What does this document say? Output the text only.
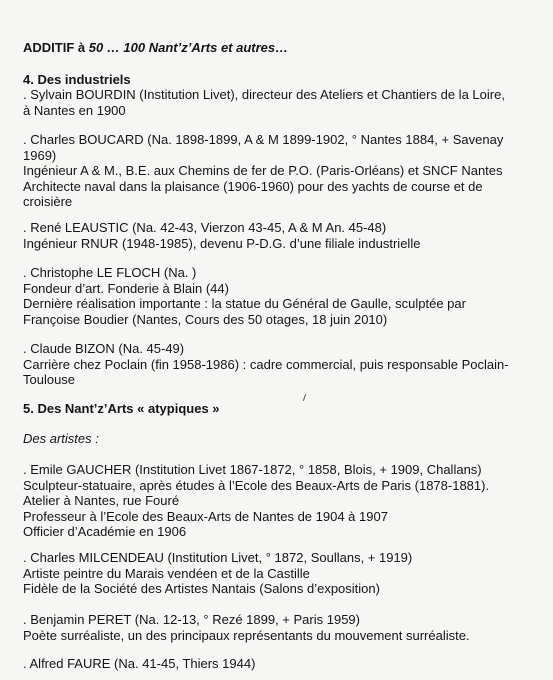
ADDITIF à 50 … 100 Nant’z’Arts et autres…
4. Des industriels
. Sylvain BOURDIN (Institution Livet), directeur des Ateliers et Chantiers de la Loire,
à Nantes en 1900
. Charles BOUCARD (Na. 1898-1899, A & M 1899-1902, ° Nantes 1884, + Savenay
1969)
Ingénieur A & M., B.E. aux Chemins de fer de P.O. (Paris-Orléans) et SNCF Nantes
Architecte naval dans la plaisance (1906-1960) pour des yachts de course et de
croisière
. René LEAUSTIC (Na. 42-43, Vierzon 43-45, A & M An. 45-48)
Ingénieur RNUR (1948-1985), devenu P-D.G. d’une filiale industrielle
. Christophe LE FLOCH (Na. )
Fondeur d’art. Fonderie à Blain (44)
Dernière réalisation importante : la statue du Général de Gaulle, sculptée par
Françoise Boudier (Nantes, Cours des 50 otages, 18 juin 2010)
. Claude BIZON (Na. 45-49)
Carrière chez Poclain (fin 1958-1986) : cadre commercial, puis responsable Poclain-
Toulouse
5. Des Nant’z’Arts « atypiques »
Des artistes :
. Emile GAUCHER (Institution Livet 1867-1872, ° 1858, Blois, + 1909, Challans)
Sculpteur-statuaire, après études à l’Ecole des Beaux-Arts de Paris (1878-1881).
Atelier à Nantes, rue Fouré
Professeur à l’Ecole des Beaux-Arts de Nantes de 1904 à 1907
Officier d’Académie en 1906
. Charles MILCENDEAU (Institution Livet, ° 1872, Soullans, + 1919)
Artiste peintre du Marais vendéen et de la Castille
Fidèle de la Société des Artistes Nantais (Salons d’exposition)
. Benjamin PERET (Na. 12-13, ° Rezé 1899, + Paris 1959)
Poète surréaliste, un des principaux représentants du mouvement surréaliste.
. Alfred FAURE (Na. 41-45, Thiers 1944)
